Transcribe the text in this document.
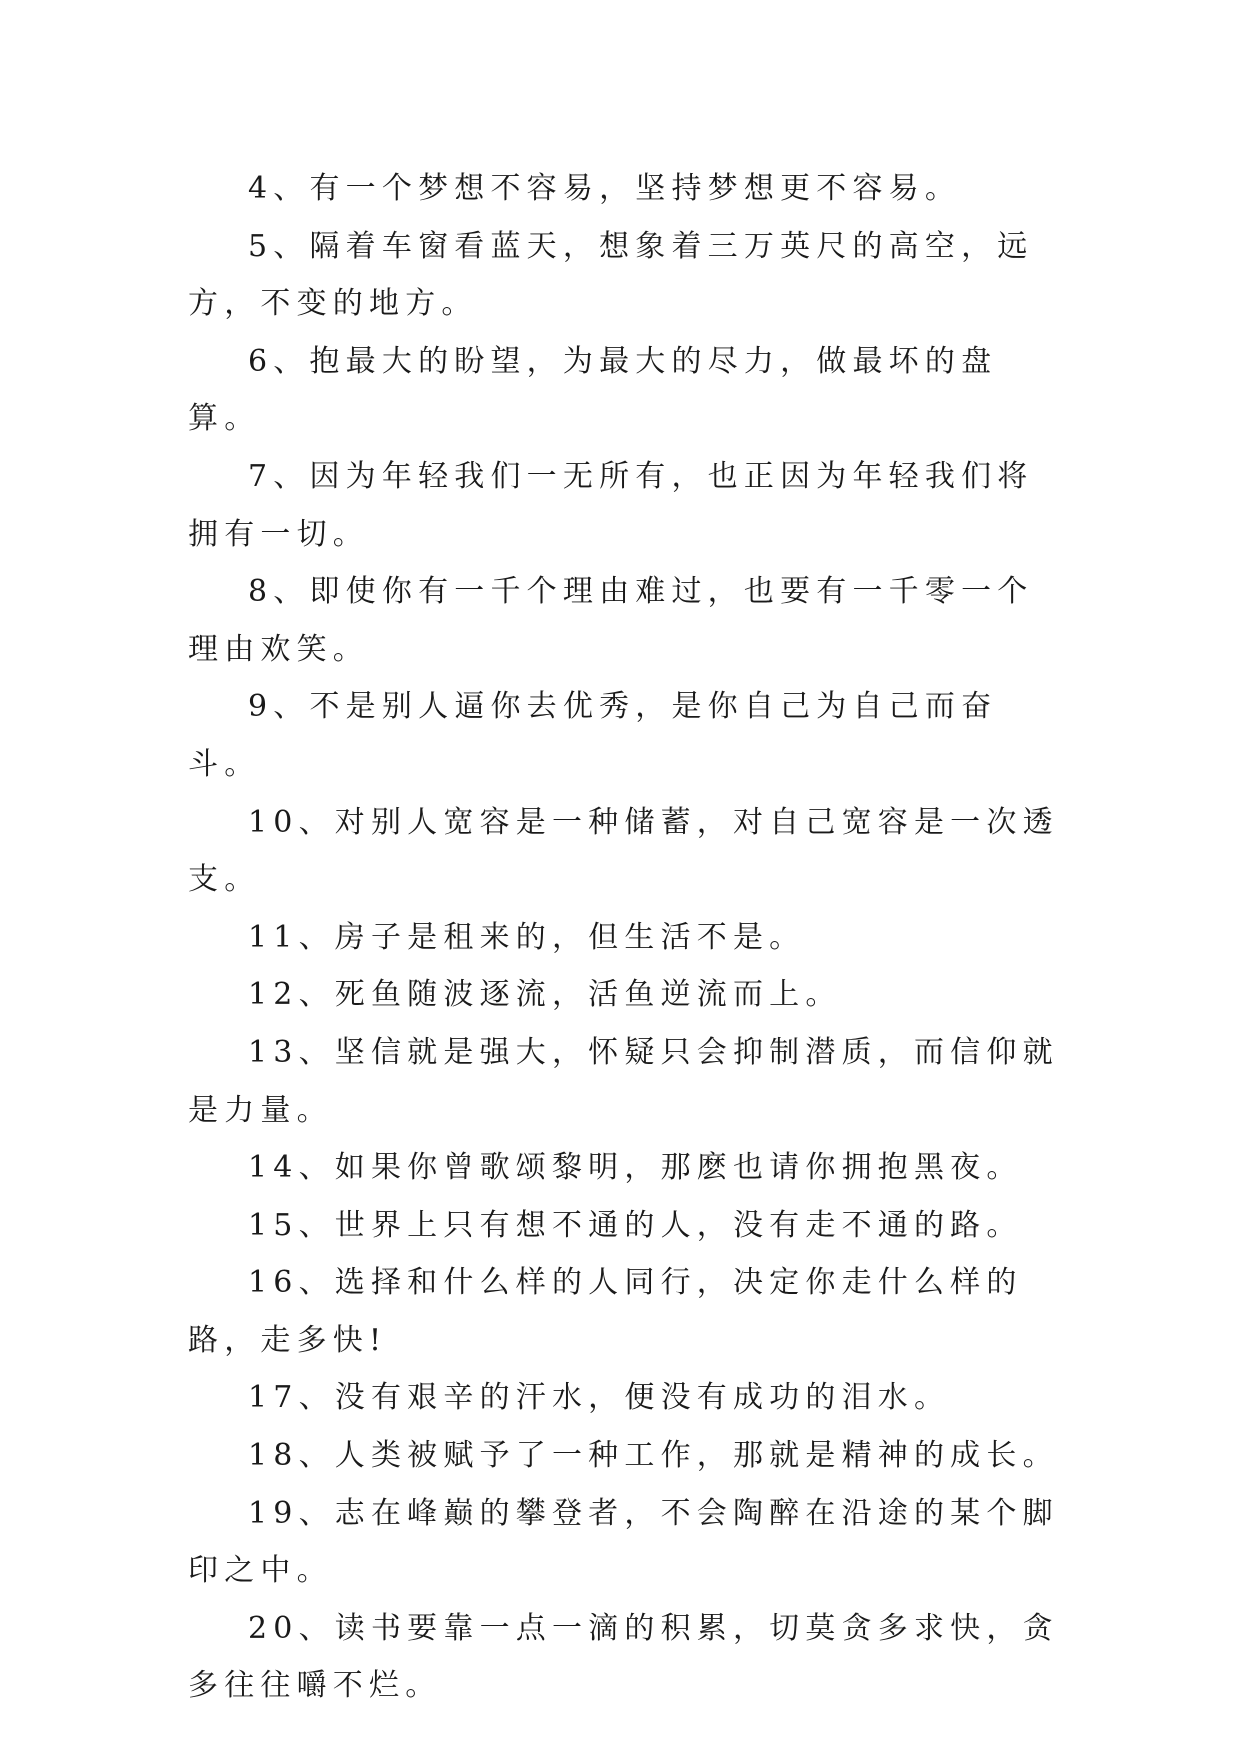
4、有一个梦想不容易，坚持梦想更不容易。

5、隔着车窗看蓝天，想象着三万英尺的高空，远方，不变的地方。

6、抱最大的盼望，为最大的尽力，做最坏的盘算。

7、因为年轻我们一无所有，也正因为年轻我们将拥有一切。

8、即使你有一千个理由难过，也要有一千零一个理由欢笑。

9、不是别人逼你去优秀，是你自己为自己而奋斗。

10、对别人宽容是一种储蓄，对自己宽容是一次透支。

11、房子是租来的，但生活不是。

12、死鱼随波逐流，活鱼逆流而上。

13、坚信就是强大，怀疑只会抑制潜质，而信仰就是力量。

14、如果你曾歌颂黎明，那麽也请你拥抱黑夜。

15、世界上只有想不通的人，没有走不通的路。

16、选择和什么样的人同行，决定你走什么样的路，走多快!

17、没有艰辛的汗水，便没有成功的泪水。

18、人类被赋予了一种工作，那就是精神的成长。

19、志在峰巅的攀登者，不会陶醉在沿途的某个脚印之中。

20、读书要靠一点一滴的积累，切莫贪多求快，贪多往往嚼不烂。
